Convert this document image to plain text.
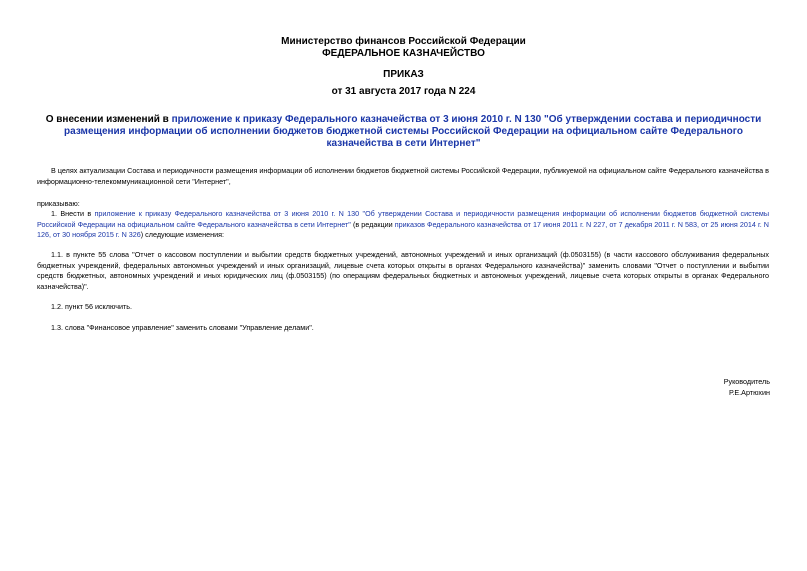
Министерство финансов Российской Федерации
ФЕДЕРАЛЬНОЕ КАЗНАЧЕЙСТВО
ПРИКАЗ
от 31 августа 2017 года N 224
О внесении изменений в приложение к приказу Федерального казначейства от 3 июня 2010 г. N 130 "Об утверждении состава и периодичности размещения информации об исполнении бюджетов бюджетной системы Российской Федерации на официальном сайте Федерального казначейства в сети Интернет"
В целях актуализации Состава и периодичности размещения информации об исполнении бюджетов бюджетной системы Российской Федерации, публикуемой на официальном сайте Федерального казначейства в информационно-телекоммуникационной сети "Интернет",
приказываю:
1. Внести в приложение к приказу Федерального казначейства от 3 июня 2010 г. N 130 "Об утверждении Состава и периодичности размещения информации об исполнении бюджетов бюджетной системы Российской Федерации на официальном сайте Федерального казначейства в сети Интернет" (в редакции приказов Федерального казначейства от 17 июня 2011 г. N 227, от 7 декабря 2011 г. N 583, от 25 июня 2014 г. N 126, от 30 ноября 2015 г. N 326) следующие изменения:
1.1. в пункте 55 слова "Отчет о кассовом поступлении и выбытии средств бюджетных учреждений, автономных учреждений и иных организаций (ф.0503155) (в части кассового обслуживания федеральных бюджетных учреждений, федеральных автономных учреждений и иных организаций, лицевые счета которых открыты в органах Федерального казначейства)" заменить словами "Отчет о поступлении и выбытии средств бюджетных, автономных учреждений и иных юридических лиц (ф.0503155) (по операциям федеральных бюджетных и автономных учреждений, лицевые счета которых открыты в органах Федерального казначейства)".
1.2. пункт 56 исключить.
1.3. слова "Финансовое управление" заменить словами "Управление делами".
Руководитель
Р.Е.Артюхин
